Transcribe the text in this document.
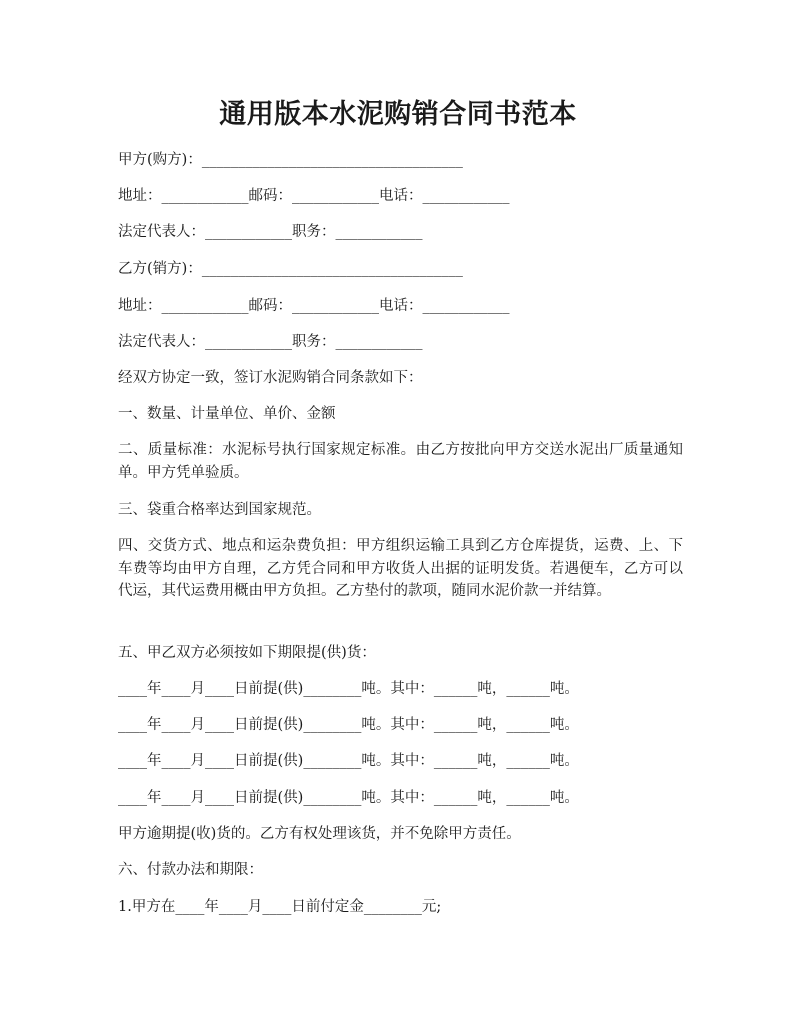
通用版本水泥购销合同书范本

甲方(购方)：____________________________________

地址：____________邮码：____________电话：____________

法定代表人：____________职务：____________

乙方(销方)：____________________________________

地址：____________邮码：____________电话：____________

法定代表人：____________职务：____________

经双方协定一致，签订水泥购销合同条款如下：

一、数量、计量单位、单价、金额

二、质量标准：水泥标号执行国家规定标准。由乙方按批向甲方交送水泥出厂质量通知单。甲方凭单验质。

三、袋重合格率达到国家规范。

四、交货方式、地点和运杂费负担：甲方组织运输工具到乙方仓库提货，运费、上、下车费等均由甲方自理，乙方凭合同和甲方收货人出据的证明发货。若遇便车，乙方可以代运，其代运费用概由甲方负担。乙方垫付的款项，随同水泥价款一并结算。

五、甲乙双方必须按如下期限提(供)货：

____年____月____日前提(供)________吨。其中：______吨，______吨。

____年____月____日前提(供)________吨。其中：______吨，______吨。

____年____月____日前提(供)________吨。其中：______吨，______吨。

____年____月____日前提(供)________吨。其中：______吨，______吨。

甲方逾期提(收)货的。乙方有权处理该货，并不免除甲方责任。

六、付款办法和期限：

1.甲方在____年____月____日前付定金________元;
